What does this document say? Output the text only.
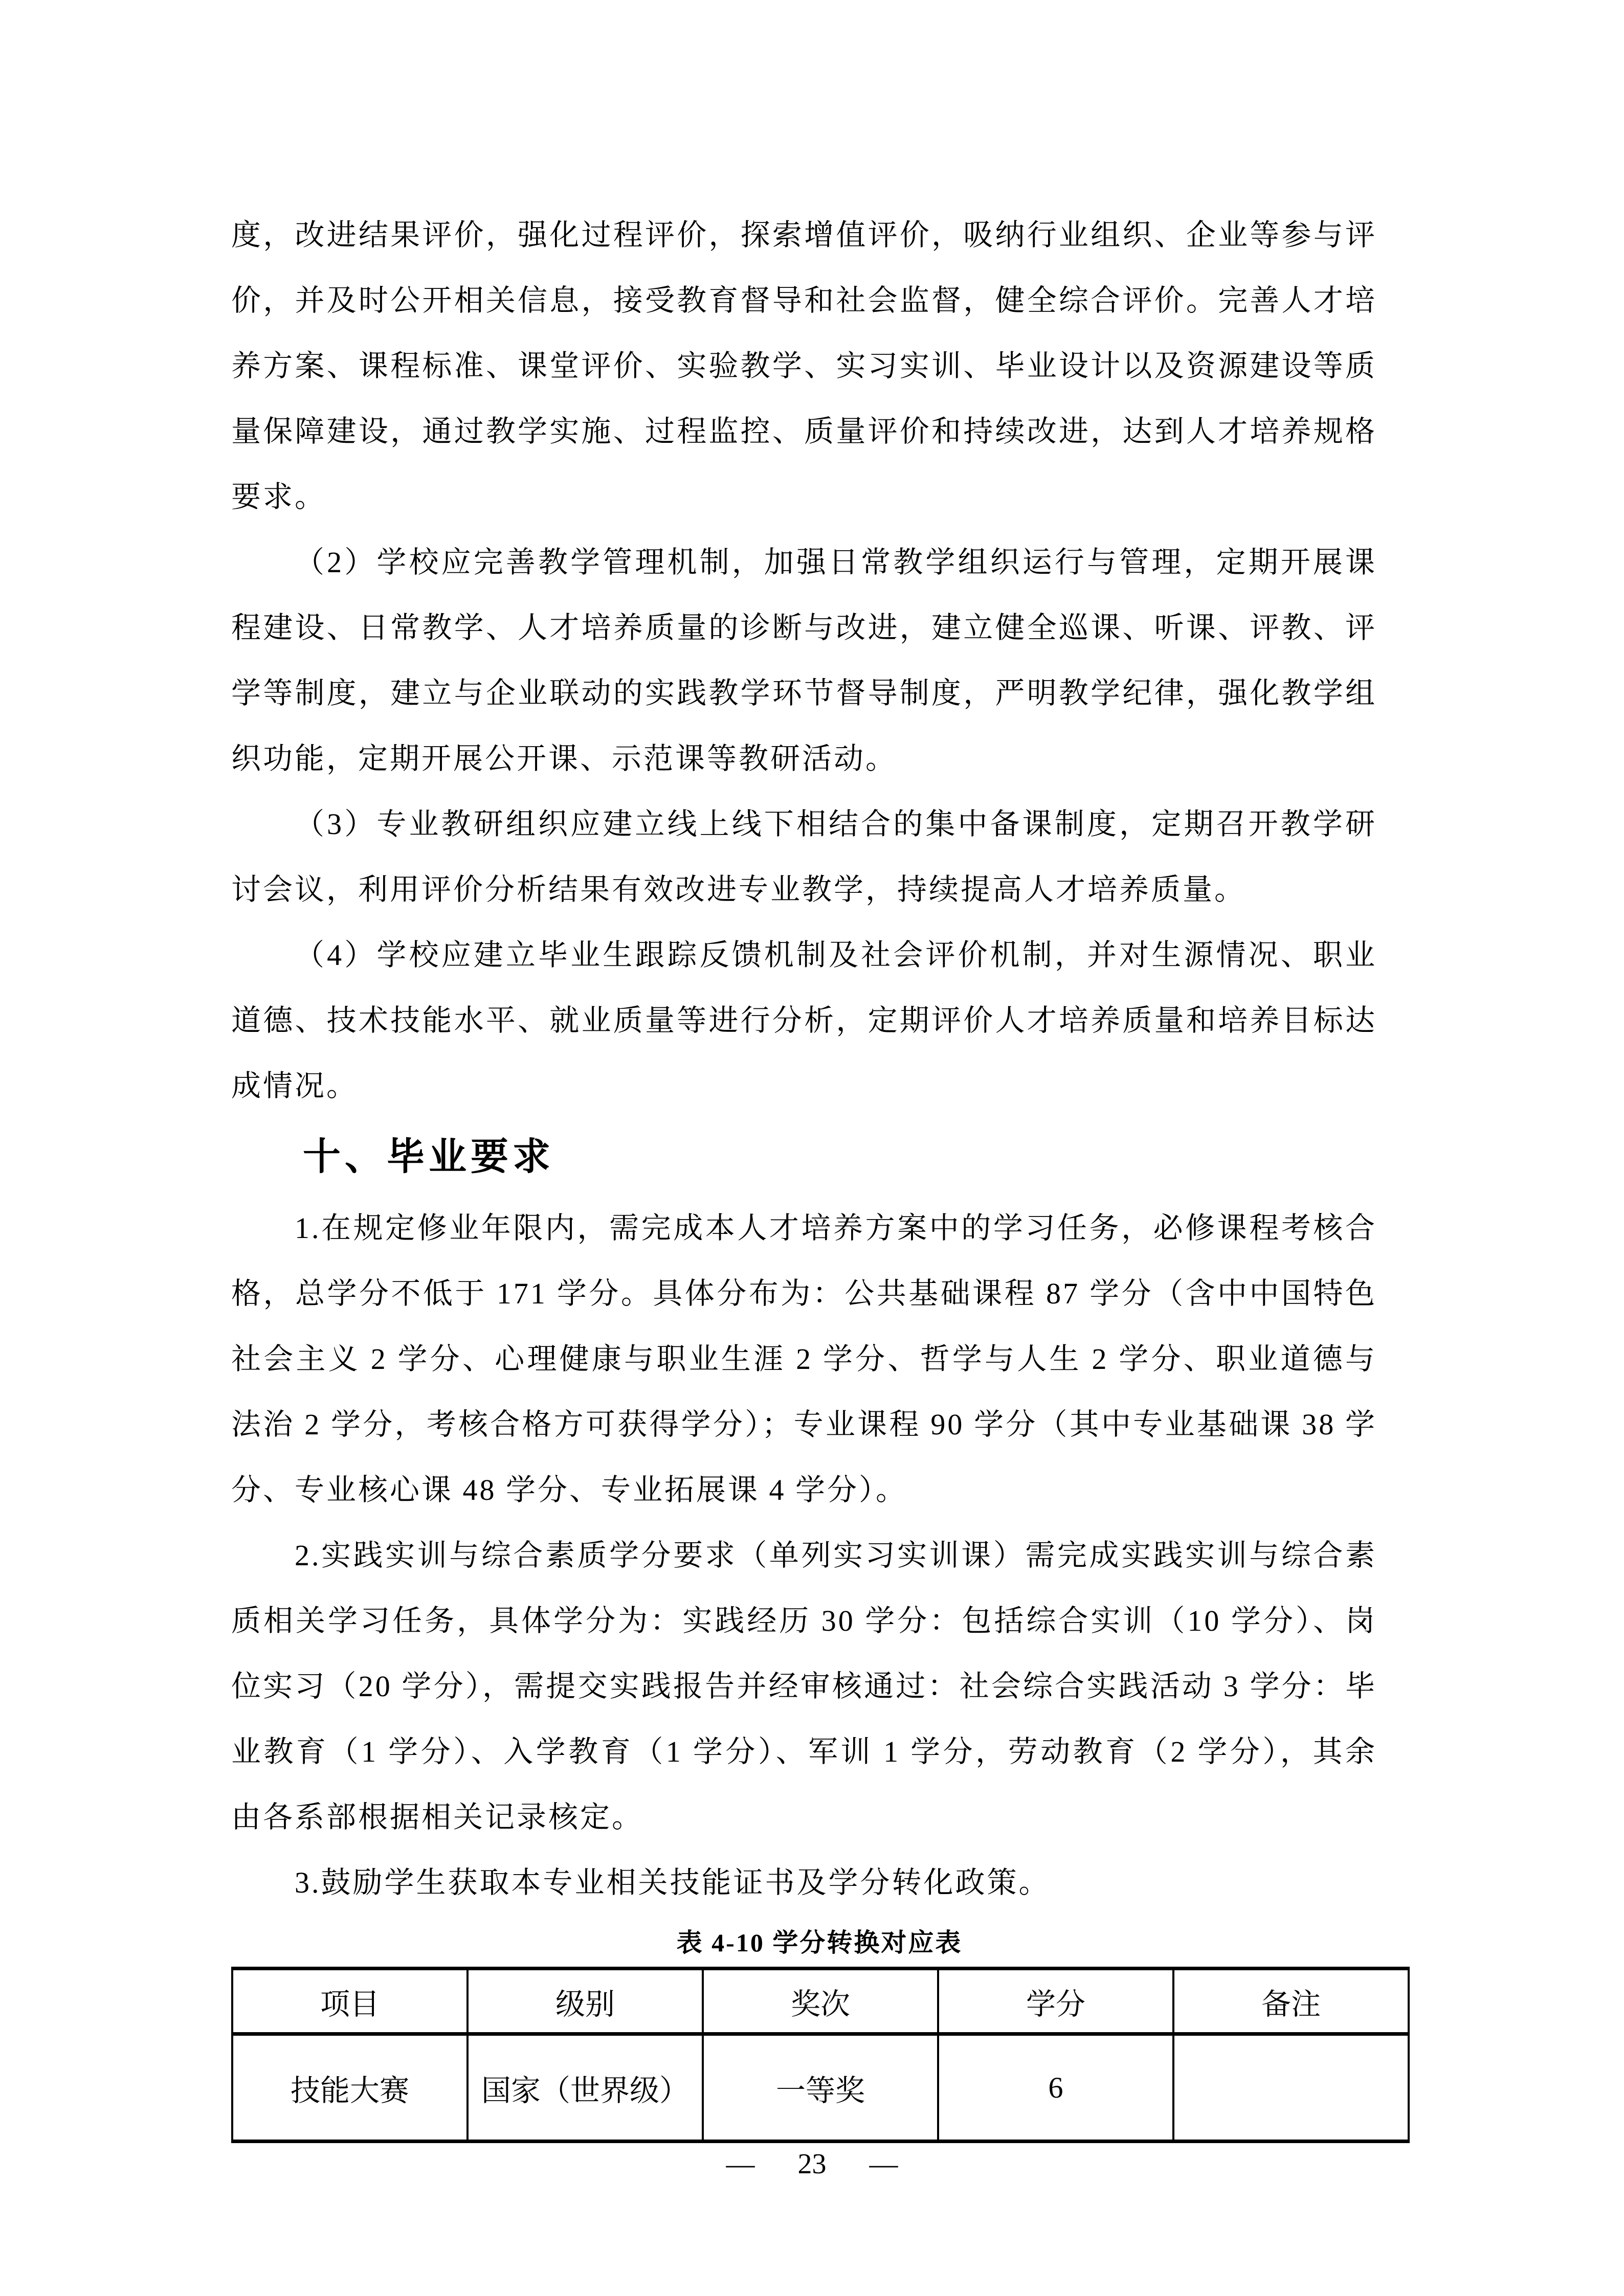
度，改进结果评价，强化过程评价，探索增值评价，吸纳行业组织、企业等参与评价，并及时公开相关信息，接受教育督导和社会监督，健全综合评价。完善人才培养方案、课程标准、课堂评价、实验教学、实习实训、毕业设计以及资源建设等质量保障建设，通过教学实施、过程监控、质量评价和持续改进，达到人才培养规格要求。

（2）学校应完善教学管理机制，加强日常教学组织运行与管理，定期开展课程建设、日常教学、人才培养质量的诊断与改进，建立健全巡课、听课、评教、评学等制度，建立与企业联动的实践教学环节督导制度，严明教学纪律，强化教学组织功能，定期开展公开课、示范课等教研活动。

（3）专业教研组织应建立线上线下相结合的集中备课制度，定期召开教学研讨会议，利用评价分析结果有效改进专业教学，持续提高人才培养质量。

（4）学校应建立毕业生跟踪反馈机制及社会评价机制，并对生源情况、职业道德、技术技能水平、就业质量等进行分析，定期评价人才培养质量和培养目标达成情况。

十、毕业要求

1.在规定修业年限内，需完成本人才培养方案中的学习任务，必修课程考核合格，总学分不低于 171 学分。具体分布为：公共基础课程 87 学分（含中中国特色社会主义 2 学分、心理健康与职业生涯 2 学分、哲学与人生 2 学分、职业道德与法治 2 学分，考核合格方可获得学分）；专业课程 90 学分（其中专业基础课 38 学分、专业核心课 48 学分、专业拓展课 4 学分）。

2.实践实训与综合素质学分要求（单列实习实训课）需完成实践实训与综合素质相关学习任务，具体学分为：实践经历 30 学分：包括综合实训（10 学分）、岗位实习（20 学分），需提交实践报告并经审核通过：社会综合实践活动 3 学分：毕业教育（1 学分）、入学教育（1 学分）、军训 1 学分，劳动教育（2 学分），其余由各系部根据相关记录核定。

3.鼓励学生获取本专业相关技能证书及学分转化政策。

表 4-10 学分转换对应表
项目	级别	奖次	学分	备注
技能大赛	国家（世界级）	一等奖	6	
— 23 —
